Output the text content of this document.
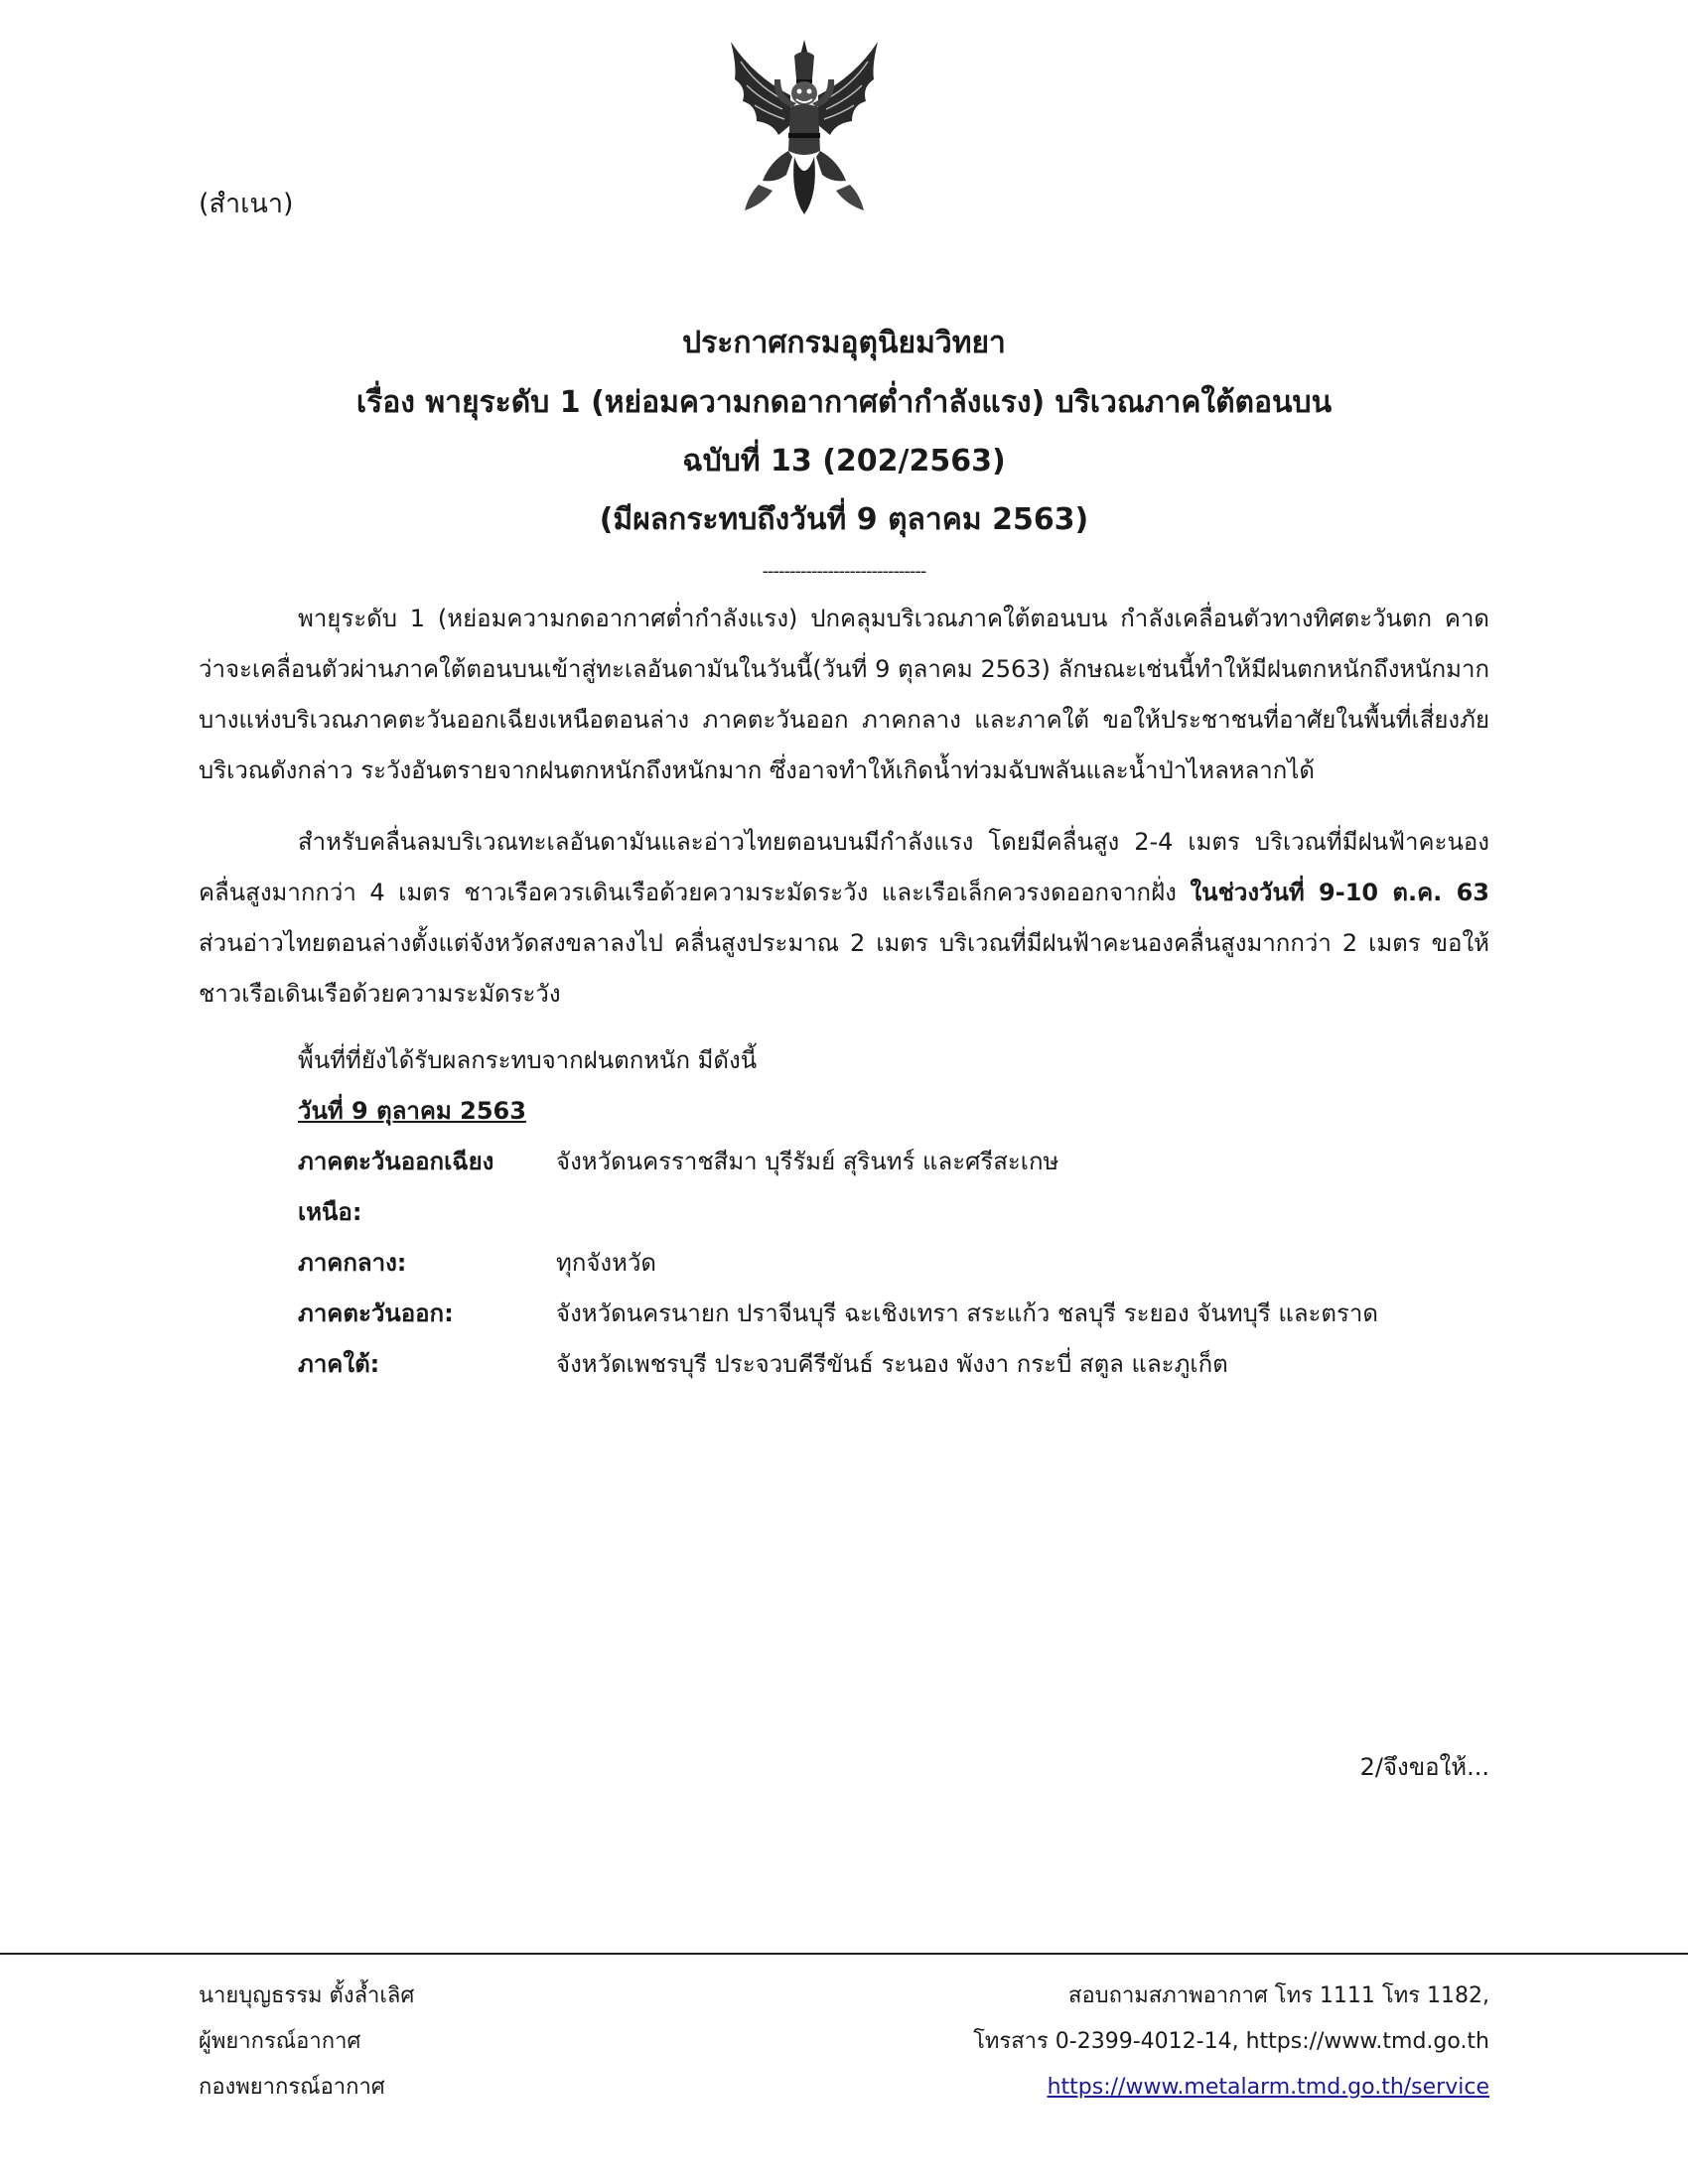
(สำเนา)
ประกาศกรมอุตุนิยมวิทยา
เรื่อง พายุระดับ 1 (หย่อมความกดอากาศต่ำกำลังแรง) บริเวณภาคใต้ตอนบน
ฉบับที่ 13 (202/2563)
(มีผลกระทบถึงวันที่ 9 ตุลาคม 2563)
------------------------------
พายุระดับ 1 (หย่อมความกดอากาศต่ำกำลังแรง) ปกคลุมบริเวณภาคใต้ตอนบน กำลังเคลื่อนตัวทางทิศตะวันตก คาดว่าจะเคลื่อนตัวผ่านภาคใต้ตอนบนเข้าสู่ทะเลอันดามันในวันนี้(วันที่ 9 ตุลาคม 2563) ลักษณะเช่นนี้ทำให้มีฝนตกหนักถึงหนักมากบางแห่งบริเวณภาคตะวันออกเฉียงเหนือตอนล่าง ภาคตะวันออก ภาคกลาง และภาคใต้ ขอให้ประชาชนที่อาศัยในพื้นที่เสี่ยงภัยบริเวณดังกล่าว ระวังอันตรายจากฝนตกหนักถึงหนักมาก ซึ่งอาจทำให้เกิดน้ำท่วมฉับพลันและน้ำป่าไหลหลากได้
สำหรับคลื่นลมบริเวณทะเลอันดามันและอ่าวไทยตอนบนมีกำลังแรง โดยมีคลื่นสูง 2-4 เมตร บริเวณที่มีฝนฟ้าคะนองคลื่นสูงมากกว่า 4 เมตร ชาวเรือควรเดินเรือด้วยความระมัดระวัง และเรือเล็กควรงดออกจากฝั่ง ในช่วงวันที่ 9-10 ต.ค. 63 ส่วนอ่าวไทยตอนล่างตั้งแต่จังหวัดสงขลาลงไป คลื่นสูงประมาณ 2 เมตร บริเวณที่มีฝนฟ้าคะนองคลื่นสูงมากกว่า 2 เมตร ขอให้ชาวเรือเดินเรือด้วยความระมัดระวัง
พื้นที่ที่ยังได้รับผลกระทบจากฝนตกหนัก มีดังนี้
วันที่ 9 ตุลาคม 2563
ภาคตะวันออกเฉียงเหนือ:
จังหวัดนครราชสีมา บุรีรัมย์ สุรินทร์ และศรีสะเกษ
ภาคกลาง:	ทุกจังหวัด
ภาคตะวันออก:	จังหวัดนครนายก ปราจีนบุรี ฉะเชิงเทรา สระแก้ว ชลบุรี ระยอง จันทบุรี และตราด
ภาคใต้:	จังหวัดเพชรบุรี ประจวบคีรีขันธ์ ระนอง พังงา กระบี่ สตูล และภูเก็ต
2/จึงขอให้...
นายบุญธรรม ตั้งล้ำเลิศ
ผู้พยากรณ์อากาศ
กองพยากรณ์อากาศ
สอบถามสภาพอากาศ โทร 1111 โทร 1182,
โทรสาร 0-2399-4012-14, https://www.tmd.go.th
https://www.metalarm.tmd.go.th/service
